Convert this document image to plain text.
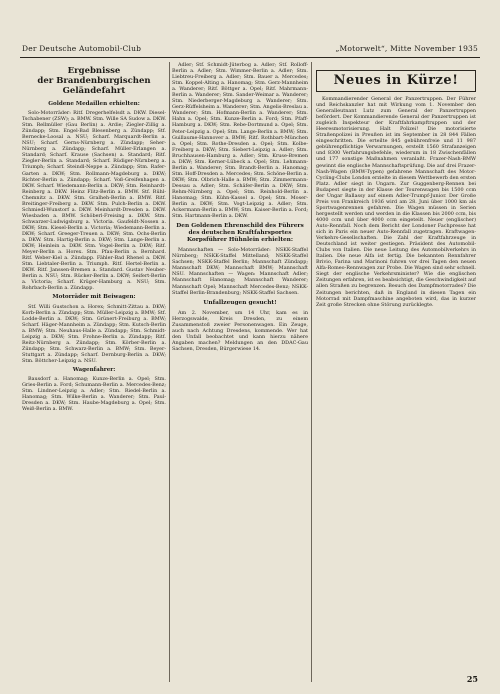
Der Deutsche Automobil-Club	„Motorwelt“, Mitte November 1935
Ergebnisse
der Brandenburgischen Geländefahrt
Goldene Medaillen erhielten:

Solo-Motorräder: Ritf. Dregerhelfelsdt a. DKW. Diesel-Tschabener (ZSW); a. BMW. Stm. Wille SA Sudow a. DKW. Stm. Rellmüller (Gau Berlin) a. Ardie; Ziegler-Zillig a. Zündapp; Stm. Engel-Bad Blesenberg a. Zündapp; Stf. Bernecke-Loosal a. NSU; Scharf. Marquardt-Berlin a. NSU; Scharf. Gerns-Nürnberg a. Zündapp; Seher-Nürnberg a. Zündapp; Scharf. Müller-Erlangen a. Standard; Scharf. Krause (Sachsen) a. Standard; Ritf. Ziegler-Berlin a. Standard; Scharf. Rüdiger-Nürnberg a. Triumph; Scharf. Steindl-Neppe a. Zündapp; Stm. Rafer-Garten a. DKW; Stm. Rollmann-Magdeburg a. DKW; Richter-Berlin a. Zündapp; Scharf. Voß-Greifenhagen a. DKW. Scharf. Wiedemann-Berlin a. DKW; Stm. Reinhardt-Reinberg a. DKW. Heinz Flitz-Berlin a. BMW. Stf. Rühl-Chemnitz a. DKW. Stm. Gralheh-Berlin a. BMW. Ritf. Breitinger-Freiberg a. DKW. Stm. Pulch-Berlin a. DKW. Schmiedl-Wunstorf a. DKW. Meinhardt-Dresden a. DKW. Wiesbaden a. BMW. Schöberl-Freising a. DKW. Stm. Schwarzer-Ludwigsburg a. Victoria. Gaufeldt-Nossen a. DKW; Stm. Kiesel-Berlin a. Victoria; Wiedemann-Berlin a. DKW; Scharf. Greeger-Treuen a. DKW; Stm. Ochs-Berlin a. DKW. Stm. Hartig-Berlin a. DKW; Stm. Lange-Berlin a. DKW; Heinlein a. DKW. Stm. Vogel-Berlin a. DKW; Ritf. Meyer-Berlin a. Horex. Stm. Pfau-Berlin a. Bernhard. Ritf. Weber-Kiel a. Zündapp. Fähler-Bad Rhenel a. DKW. Stm. Liebtaler-Berlin a. Triumph. Ritf. Hertel-Berlin a. DKW. Ritf. Janssen-Bremen a. Standard. Gustav Neuber-Berlin a. NSU; Stm. Rücker-Berlin a. DKW; Seifert-Berlin a. Victoria; Scharf. Krüger-Hamburg a. NSU; Stm. Rohrbach-Berlin a. Zündapp.

Motorräder mit Beiwagen:

Stf. Willi Gustschon a. Horex; Schmitt-Zittau a. DKW; Korb-Berlin a. Zündapp; Stm. Müller-Leipzig a. BMW; Stf. Lodde-Berlin a. DKW; Stm. Grünert-Freiburg a. BMW; Scharf. Häger-Mannheim a. Zündapp; Stm. Kutsch-Berlin a. BMW; Stm. Neuhaus-Halle a. Zündapp; Stm. Schmidt-Leipzig a. DKW; Stm. Frohne-Berlin a. Zündapp; Ritf. Reitz-Nürnberg a. Zündapp; Stm. Körber-Berlin a. Zündapp; Stm. Schwarz-Berlin a. BMW; Stm. Beyer-Stuttgart a. Zündapp; Scharf. Dernburg-Berlin a. DKW; Stm. Böttcher-Leipzig a. NSU.

Wagenfahrer:

Bausdorf a. Hanomag; Kunze-Berlin a. Opel; Stm. Gries-Berlin a. Ford; Schumann-Berlin a. Mercedes-Benz; Stm. Lindner-Leipzig a. Adler; Stm. Riedel-Berlin a. Hanomag; Stm. Wilke-Berlin a. Wanderer; Stm. Paul-Dresden a. DKW; Stm. Haube-Magdeburg a. Opel; Stm. Weiß-Berlin a. BMW.

Adler; Stf. Schmidt-Jüterbog a. Adler; Stf. Rolloff-Berlin a. Adler; Stm. Wimmer-Berlin a. Adler; Stm. Liebtreu-Freiberg a. Adler; Stm. Bauer a. Mercedes; Stm. Koppel-Alting a. Hanomag; Stm. Gerz-Mannheim a. Wanderer; Ritf. Böttger a. Opel; Ritf. Mahrmann-Berlin a. Wanderer; Stm. Sander-Weimar a. Wanderer; Stm. Niederberger-Magdeburg a. Wanderer; Stm. Gerz-Rüffelsheim a. Wanderer; Stm. Angelis-Breslau a. Wanderer; Stm. Hofmann-Berlin a. Wanderer; Stm. Hahn a. Opel; Stm. Kunze-Berlin a. Ford; Stm. Pfaff-Hamburg a. DKW; Stm. Rebe-Dortmund a. Opel; Stm. Peter-Leipzig a. Opel; Stm. Lange-Berlin a. BMW; Stm. Guillaume-Hannover a. BMW; Ritf. Rothbart-München a. Opel; Stm. Rothe-Dresden a. Opel; Stm. Kolbe-Freiberg a. DKW; Stm. Siebert-Leipzig a. Adler; Stm. Bruchhausen-Hamburg a. Adler; Stm. Kruse-Bremen a. DKW; Stm. Kerner-Lübeck a. Opel; Stm. Lehmann-Berlin a. Wanderer; Stm. Brandt-Berlin a. Hanomag; Stm. Hoff-Dresden a. Mercedes; Stm. Schöne-Berlin a. DKW; Stm. Olbrich-Halle a. BMW; Stm. Zimmermann-Dessau a. Adler; Stm. Schäfer-Berlin a. DKW; Stm. Rehm-Nürnberg a. Opel; Stm. Reinhold-Berlin a. Hanomag; Stm. Kühn-Kassel a. Opel; Stm. Moser-Berlin a. DKW; Stm. Vogt-Leipzig a. Adler; Stm. Ackermann-Berlin a. BMW; Stm. Kaiser-Berlin a. Ford; Stm. Hartmann-Berlin a. DKW.

Den Goldenen Ehrenschild des Führers des deutschen Kraftfahrsportes Korpsführer Hühnlein erhielten:

Mannschaften — Solo-Motorräder: NSKK-Staffel Nürnberg; NSKK-Staffel Mittelland; NSKK-Staffel Sachsen; NSKK-Staffel Berlin; Mannschaft Zündapp; Mannschaft DKW; Mannschaft BMW; Mannschaft NSU. Mannschaften — Wagen: Mannschaft Adler; Mannschaft Hanomag; Mannschaft Wanderer; Mannschaft Opel; Mannschaft Mercedes-Benz; NSKK-Staffel Berlin-Brandenburg; NSKK-Staffel Sachsen.

Unfallzeugen gesucht!

Am 2. November, um 14 Uhr, kam es in Herzogswalde, Kreis Dresden, zu einem Zusammenstoß zweier Personenwagen. Ein Zeuge, auch nach Achtung Dresdens, kommende. Wer hat den Unfall beobachtet und kann hierzu nähere Angaben machen? Meldungen an den DDAC-Gau Sachsen, Dresden, Bürgerwiese 14.

Neues in Kürze!

Kommandierender General der Panzertruppen. Der Führer und Reichskanzler hat mit Wirkung vom 1. November den Generalleutnant Lutz zum General der Panzertruppen befördert. Der Kommandierende General der Panzertruppen ist zugleich Inspekteur der Kraftfahrkampftruppen und der Heeresmotorisierung. Halt Polizei! Die motorisierte Straßenpolizei in Preußen ist im September in 28 844 Fällen eingeschritten. Die erteilte 845 gebührenfreie und 11 987 gebührenpflichtige Verwarnungen, erstellt 1560 Strafanzeigen und 8300 Verfahrungsbefehle, wiederum in 18 Zwischenfällen und 177 sonstige Maßnahmen veranlaßt. Frazer-Nash-BMW gewinnt die englische Mannschaftsprüfung. Die auf drei Frazer-Nash-Wagen (BMW-Typen) gefahrene Mannschaft des Motor-Cycling-Clubs London erzielte in diesem Wettbewerb den ersten Platz. Adler siegt in Ungarn. Zur Guggenberg-Rennen bei Budapest siegte in der Klasse der Tourenwagen bis 1500 ccm der Ungar Ballassy auf einem Adler-Trumpf-Junior. Der Große Preis von Frankreich 1936 wird am 28. Juni über 1000 km als Sportwagenrennen gefahren. Die Wagen müssen in Serien hergestellt werden und werden in die Klassen bis 2000 ccm, bis 4000 ccm und über 4000 ccm eingeteilt. Neuer (englischer) Auto-Rennfall. Noch dem Bericht der Londoner Fachpresse hat sich in Paris ein neuer Auto-Rennfall zugetragen. Kraftwagen-Verkehrs-Gesellschaften. Die Zahl der Kraftfahrzeuge in Deutschland ist weiter gestiegen. Präsident des Automobil-Clubs von Italien. Die neue Leitung des Automobilverkehrs in Italien. Die neue Alfa ist fertig. Die bekannten Rennfahrer Brivio, Farina und Marinoni fuhren vor drei Tagen den neuen Alfa-Romeo-Rennwagen zur Probe. Die Wagen sind sehr schnell. Siegt der englische Verkehrsminister? Wie die englischen Zeitungen erfahren, ist es beabsichtigt, die Geschwindigkeit auf allen Straßen zu begrenzen. Besuch des Dampfmotorrades? Die Zeitungen berichten, daß in England in diesen Tagen ein Motorrad mit Dampfmaschine angeboten wird, das in kurzer Zeit große Strecken ohne Störung zurücklegte.

25
